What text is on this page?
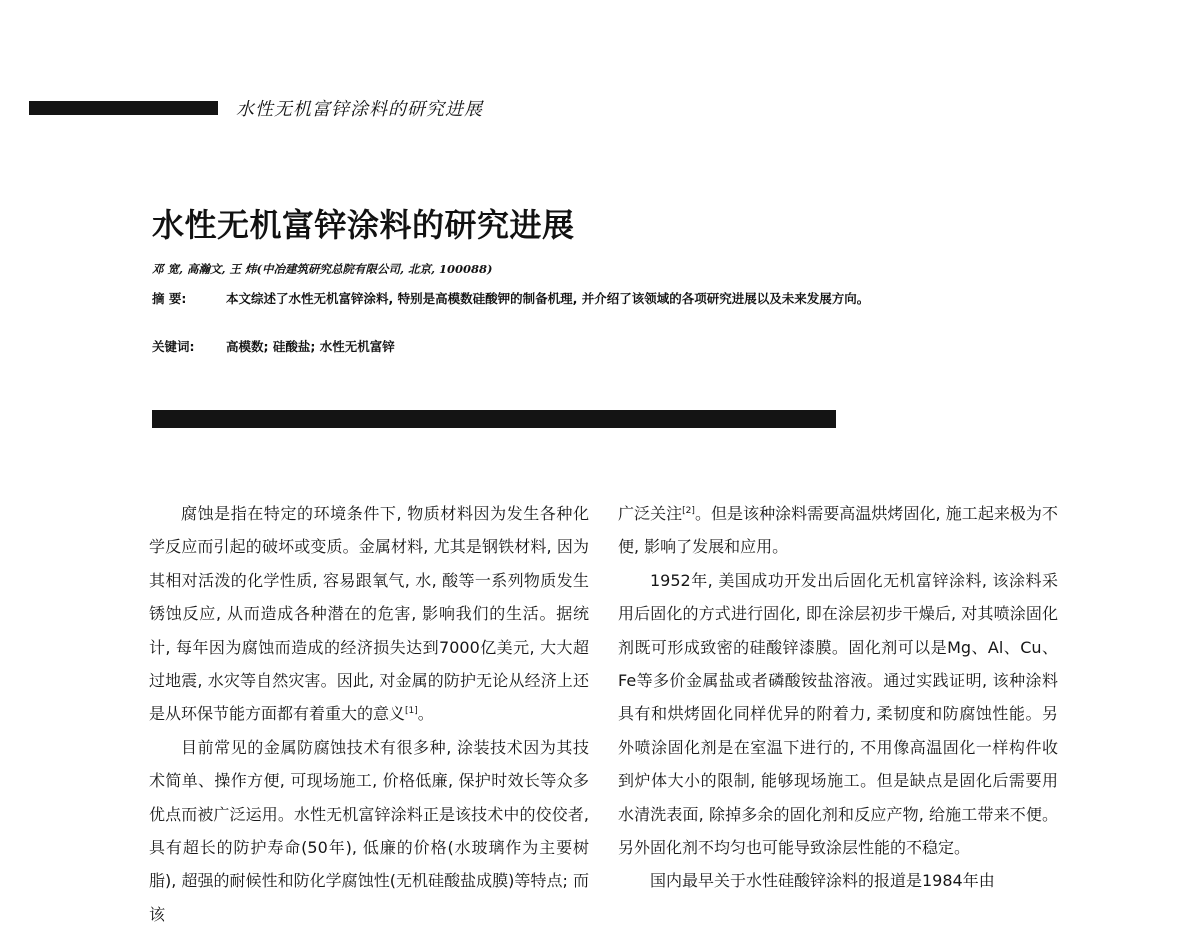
水性无机富锌涂料的研究进展
水性无机富锌涂料的研究进展
邓 宽, 高瀚文, 王 炜(中冶建筑研究总院有限公司, 北京, 100088)
摘 要:	本文综述了水性无机富锌涂料, 特别是高模数硅酸钾的制备机理, 并介绍了该领域的各项研究进展以及未来发展方向。
关键词:	高模数; 硅酸盐; 水性无机富锌

腐蚀是指在特定的环境条件下, 物质材料因为发生各种化学反应而引起的破坏或变质。金属材料, 尤其是钢铁材料, 因为其相对活泼的化学性质, 容易跟氧气, 水, 酸等一系列物质发生锈蚀反应, 从而造成各种潜在的危害, 影响我们的生活。据统计, 每年因为腐蚀而造成的经济损失达到7000亿美元, 大大超过地震, 水灾等自然灾害。因此, 对金属的防护无论从经济上还是从环保节能方面都有着重大的意义[1]。

目前常见的金属防腐蚀技术有很多种, 涂装技术因为其技术简单、操作方便, 可现场施工, 价格低廉, 保护时效长等众多优点而被广泛运用。水性无机富锌涂料正是该技术中的佼佼者, 具有超长的防护寿命(50年), 低廉的价格(水玻璃作为主要树脂), 超强的耐候性和防化学腐蚀性(无机硅酸盐成膜)等特点; 而该

广泛关注[2]。但是该种涂料需要高温烘烤固化, 施工起来极为不便, 影响了发展和应用。

1952年, 美国成功开发出后固化无机富锌涂料, 该涂料采用后固化的方式进行固化, 即在涂层初步干燥后, 对其喷涂固化剂既可形成致密的硅酸锌漆膜。固化剂可以是Mg、Al、Cu、Fe等多价金属盐或者磷酸铵盐溶液。通过实践证明, 该种涂料具有和烘烤固化同样优异的附着力, 柔韧度和防腐蚀性能。另外喷涂固化剂是在室温下进行的, 不用像高温固化一样构件收到炉体大小的限制, 能够现场施工。但是缺点是固化后需要用水清洗表面, 除掉多余的固化剂和反应产物, 给施工带来不便。另外固化剂不均匀也可能导致涂层性能的不稳定。

国内最早关于水性硅酸锌涂料的报道是1984年由
